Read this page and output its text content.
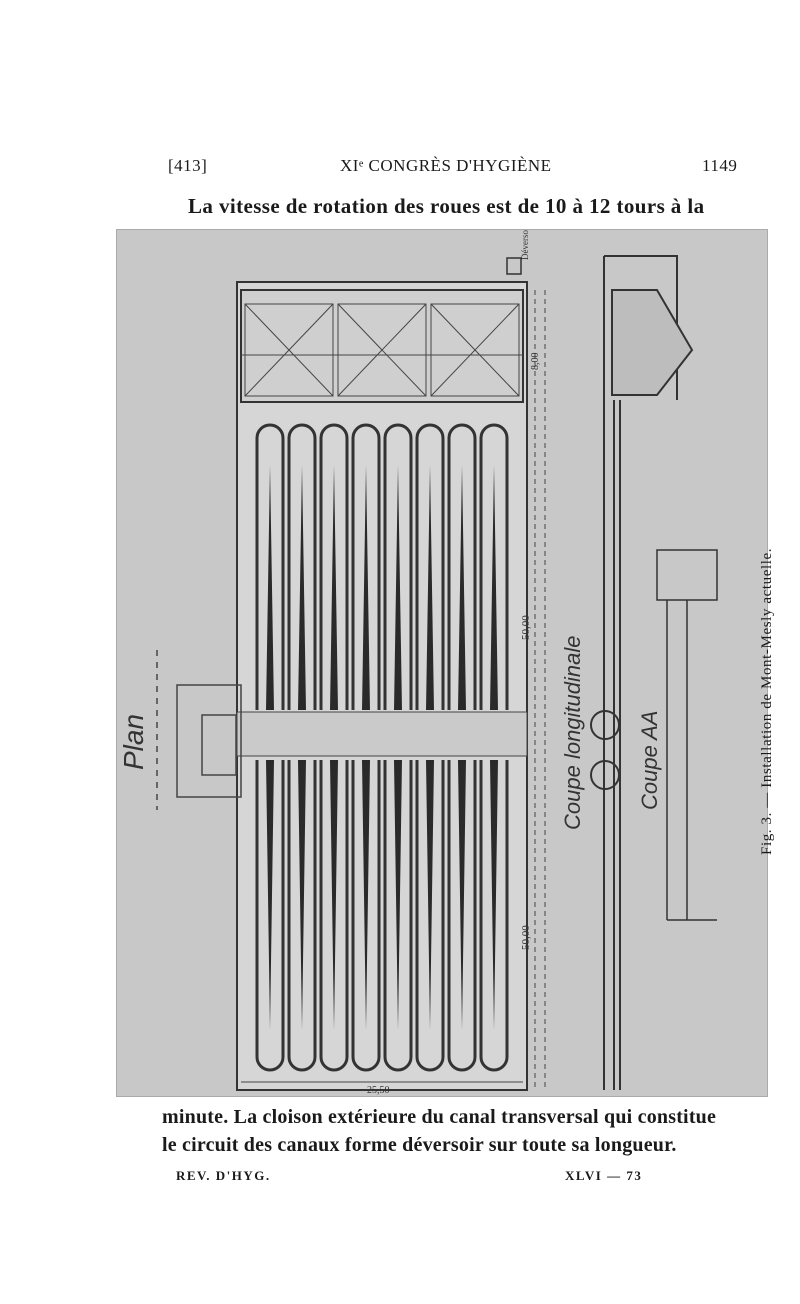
[413]	XIᵉ CONGRÈS D'HYGIÈNE	1149
La vitesse de rotation des roues est de 10 à 12 tours à la
Déversoir
Plan
50,00
50,00
8,00
25,50
Coupe longitudinale Coupe AA	Fig. 3. — Installation de Mont-Mesly actuelle.
minute. La cloison extérieure du canal transversal qui constitue
le circuit des canaux forme déversoir sur toute sa longueur.
REV. D'HYG.	XLVI — 73
